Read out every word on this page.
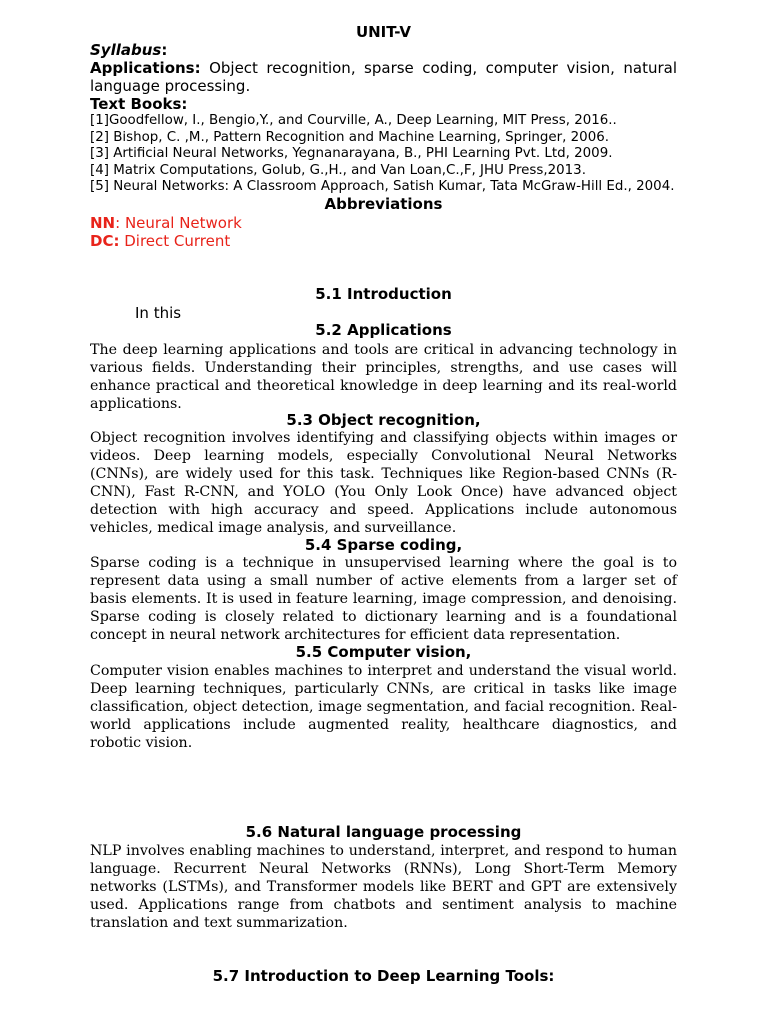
UNIT-V
Syllabus:
Applications: Object recognition, sparse coding, computer vision, natural language processing.
Text Books:
[1]Goodfellow, I., Bengio,Y., and Courville, A., Deep Learning, MIT Press, 2016..
[2] Bishop, C. ,M., Pattern Recognition and Machine Learning, Springer, 2006.
[3] Artificial Neural Networks, Yegnanarayana, B., PHI Learning Pvt. Ltd, 2009.
[4] Matrix Computations, Golub, G.,H., and Van Loan,C.,F, JHU Press,2013.
[5] Neural Networks: A Classroom Approach, Satish Kumar, Tata McGraw-Hill Ed., 2004.
Abbreviations
NN: Neural Network
DC: Direct Current
5.1 Introduction
In this
5.2 Applications
The deep learning applications and tools are critical in advancing technology in various fields. Understanding their principles, strengths, and use cases will enhance practical and theoretical knowledge in deep learning and its real-world applications.
5.3 Object recognition,
Object recognition involves identifying and classifying objects within images or videos. Deep learning models, especially Convolutional Neural Networks (CNNs), are widely used for this task. Techniques like Region-based CNNs (R-CNN), Fast R-CNN, and YOLO (You Only Look Once) have advanced object detection with high accuracy and speed. Applications include autonomous vehicles, medical image analysis, and surveillance.
5.4 Sparse coding,
Sparse coding is a technique in unsupervised learning where the goal is to represent data using a small number of active elements from a larger set of basis elements. It is used in feature learning, image compression, and denoising. Sparse coding is closely related to dictionary learning and is a foundational concept in neural network architectures for efficient data representation.
5.5 Computer vision,
Computer vision enables machines to interpret and understand the visual world. Deep learning techniques, particularly CNNs, are critical in tasks like image classification, object detection, image segmentation, and facial recognition. Real-world applications include augmented reality, healthcare diagnostics, and robotic vision.
5.6 Natural language processing
NLP involves enabling machines to understand, interpret, and respond to human language. Recurrent Neural Networks (RNNs), Long Short-Term Memory networks (LSTMs), and Transformer models like BERT and GPT are extensively used. Applications range from chatbots and sentiment analysis to machine translation and text summarization.
5.7 Introduction to Deep Learning Tools:
